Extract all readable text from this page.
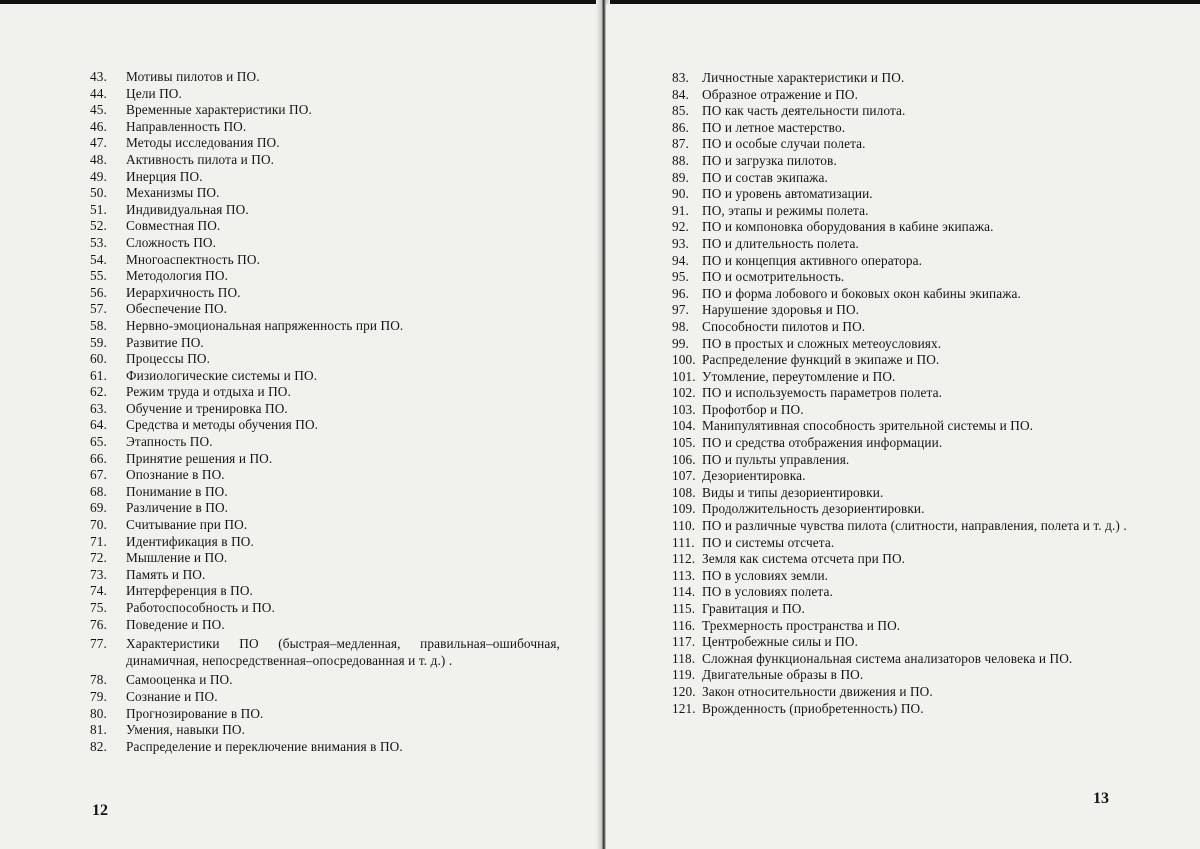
43.	Мотивы пилотов и ПО.
44.	Цели ПО.
45.	Временные характеристики ПО.
46.	Направленность ПО.
47.	Методы исследования ПО.
48.	Активность пилота и ПО.
49.	Инерция ПО.
50.	Механизмы ПО.
51.	Индивидуальная ПО.
52.	Совместная ПО.
53.	Сложность ПО.
54.	Многоаспектность ПО.
55.	Методология ПО.
56.	Иерархичность ПО.
57.	Обеспечение ПО.
58.	Нервно-эмоциональная напряженность при ПО.
59.	Развитие ПО.
60.	Процессы ПО.
61.	Физиологические системы и ПО.
62.	Режим труда и отдыха и ПО.
63.	Обучение и тренировка ПО.
64.	Средства и методы обучения ПО.
65.	Этапность ПО.
66.	Принятие решения и ПО.
67.	Опознание в ПО.
68.	Понимание в ПО.
69.	Различение в ПО.
70.	Считывание при ПО.
71.	Идентификация в ПО.
72.	Мышление и ПО.
73.	Память и ПО.
74.	Интерференция в ПО.
75.	Работоспособность и ПО.
76.	Поведение и ПО.
77.	Характеристики ПО (быстрая–медленная, правильная–ошибочная, динамичная, непосредственная–опосредованная и т. д.) .
78.	Самооценка и ПО.
79.	Сознание и ПО.
80.	Прогнозирование в ПО.
81.	Умения, навыки ПО.
82.	Распределение и переключение внимания в ПО.
12
83. Личностные характеристики и ПО.
84. Образное отражение и ПО.
85. ПО как часть деятельности пилота.
86. ПО и летное мастерство.
87. ПО и особые случаи полета.
88. ПО и загрузка пилотов.
89. ПО и состав экипажа.
90. ПО и уровень автоматизации.
91. ПО, этапы и режимы полета.
92. ПО и компоновка оборудования в кабине экипажа.
93. ПО и длительность полета.
94. ПО и концепция активного оператора.
95. ПО и осмотрительность.
96. ПО и форма лобового и боковых окон кабины экипажа.
97. Нарушение здоровья и ПО.
98. Способности пилотов и ПО.
99. ПО в простых и сложных метеоусловиях.
100. Распределение функций в экипаже и ПО.
101. Утомление, переутомление и ПО.
102. ПО и используемость параметров полета.
103. Профотбор и ПО.
104. Манипулятивная способность зрительной системы и ПО.
105. ПО и средства отображения информации.
106. ПО и пульты управления.
107. Дезориентировка.
108. Виды и типы дезориентировки.
109. Продолжительность дезориентировки.
110. ПО и различные чувства пилота (слитности, направления, полета и т. д.) .
111. ПО и системы отсчета.
112. Земля как система отсчета при ПО.
113. ПО в условиях земли.
114. ПО в условиях полета.
115. Гравитация и ПО.
116. Трехмерность пространства и ПО.
117. Центробежные силы и ПО.
118. Сложная функциональная система анализаторов человека и ПО.
119. Двигательные образы в ПО.
120. Закон относительности движения и ПО.
121. Врожденность (приобретенность) ПО.
13
